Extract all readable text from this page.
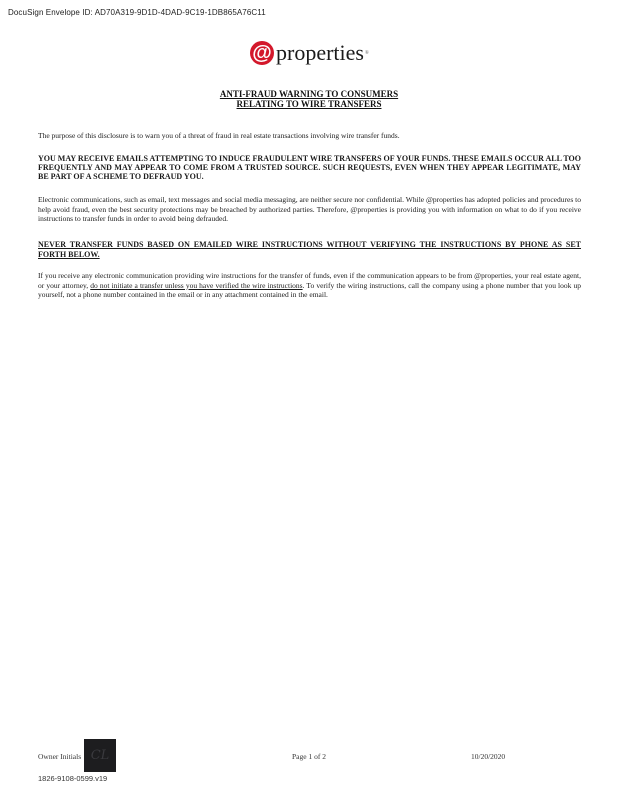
DocuSign Envelope ID: AD70A319-9D1D-4DAD-9C19-1DB865A76C11
@ properties ®
ANTI-FRAUD WARNING TO CONSUMERS
RELATING TO WIRE TRANSFERS
The purpose of this disclosure is to warn you of a threat of fraud in real estate transactions involving wire transfer funds.
YOU MAY RECEIVE EMAILS ATTEMPTING TO INDUCE FRAUDULENT WIRE TRANSFERS OF YOUR FUNDS. THESE EMAILS OCCUR ALL TOO FREQUENTLY AND MAY APPEAR TO COME FROM A TRUSTED SOURCE. SUCH REQUESTS, EVEN WHEN THEY APPEAR LEGITIMATE, MAY BE PART OF A SCHEME TO DEFRAUD YOU.
Electronic communications, such as email, text messages and social media messaging, are neither secure nor confidential. While @properties has adopted policies and procedures to help avoid fraud, even the best security protections may be breached by authorized parties. Therefore, @properties is providing you with information on what to do if you receive instructions to transfer funds in order to avoid being defrauded.
NEVER TRANSFER FUNDS BASED ON EMAILED WIRE INSTRUCTIONS WITHOUT VERIFYING THE INSTRUCTIONS BY PHONE AS SET FORTH BELOW.
If you receive any electronic communication providing wire instructions for the transfer of funds, even if the communication appears to be from @properties, your real estate agent, or your attorney, do not initiate a transfer unless you have verified the wire instructions. To verify the wiring instructions, call the company using a phone number that you look up yourself, not a phone number contained in the email or in any attachment contained in the email.
Owner Initials CL	Page 1 of 2	10/20/2020
1826-9108-0599.v19
